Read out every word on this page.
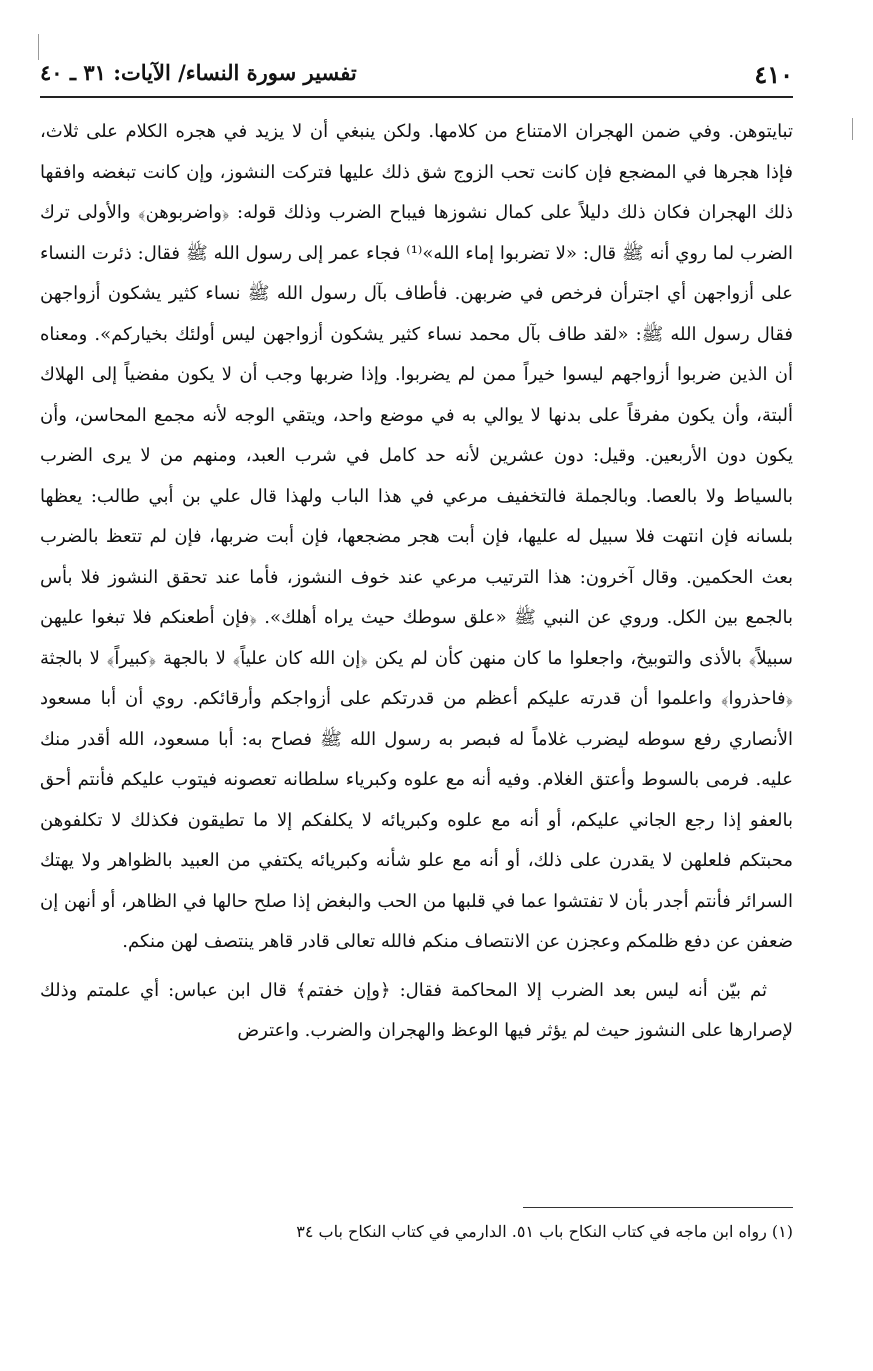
٤١٠
تفسير سورة النساء/ الآيات: ٣١ ـ ٤٠

تبايتوهن. وفي ضمن الهجران الامتناع من كلامها. ولكن ينبغي أن لا يزيد في هجره الكلام على ثلاث، فإذا هجرها في المضجع فإن كانت تحب الزوج شق ذلك عليها فتركت النشوز، وإن كانت تبغضه وافقها ذلك الهجران فكان ذلك دليلاً على كمال نشوزها فيباح الضرب وذلك قوله: ﴿واضربوهن﴾ والأولى ترك الضرب لما روي أنه ﷺ قال: «لا تضربوا إماء الله»⁽¹⁾ فجاء عمر إلى رسول الله ﷺ فقال: ذئرت النساء على أزواجهن أي اجترأن فرخص في ضربهن. فأطاف بآل رسول الله ﷺ نساء كثير يشكون أزواجهن فقال رسول الله ﷺ: «لقد طاف بآل محمد نساء كثير يشكون أزواجهن ليس أولئك بخياركم». ومعناه أن الذين ضربوا أزواجهم ليسوا خيراً ممن لم يضربوا. وإذا ضربها وجب أن لا يكون مفضياً إلى الهلاك ألبتة، وأن يكون مفرقاً على بدنها لا يوالي به في موضع واحد، ويتقي الوجه لأنه مجمع المحاسن، وأن يكون دون الأربعين. وقيل: دون عشرين لأنه حد كامل في شرب العبد، ومنهم من لا يرى الضرب بالسياط ولا بالعصا. وبالجملة فالتخفيف مرعي في هذا الباب ولهذا قال علي بن أبي طالب: يعظها بلسانه فإن انتهت فلا سبيل له عليها، فإن أبت هجر مضجعها، فإن أبت ضربها، فإن لم تتعظ بالضرب بعث الحكمين. وقال آخرون: هذا الترتيب مرعي عند خوف النشوز، فأما عند تحقق النشوز فلا بأس بالجمع بين الكل. وروي عن النبي ﷺ «علق سوطك حيث يراه أهلك». ﴿فإن أطعنكم فلا تبغوا عليهن سبيلاً﴾ بالأذى والتوبيخ، واجعلوا ما كان منهن كأن لم يكن ﴿إن الله كان علياً﴾ لا بالجهة ﴿كبيراً﴾ لا بالجثة ﴿فاحذروا﴾ واعلموا أن قدرته عليكم أعظم من قدرتكم على أزواجكم وأرقائكم. روي أن أبا مسعود الأنصاري رفع سوطه ليضرب غلاماً له فبصر به رسول الله ﷺ فصاح به: أبا مسعود، الله أقدر منك عليه. فرمى بالسوط وأعتق الغلام. وفيه أنه مع علوه وكبرياء سلطانه تعصونه فيتوب عليكم فأنتم أحق بالعفو إذا رجع الجاني عليكم، أو أنه مع علوه وكبريائه لا يكلفكم إلا ما تطيقون فكذلك لا تكلفوهن محبتكم فلعلهن لا يقدرن على ذلك، أو أنه مع علو شأنه وكبريائه يكتفي من العبيد بالظواهر ولا يهتك السرائر فأنتم أجدر بأن لا تفتشوا عما في قلبها من الحب والبغض إذا صلح حالها في الظاهر، أو أنهن إن ضعفن عن دفع ظلمكم وعجزن عن الانتصاف منكم فالله تعالى قادر قاهر ينتصف لهن منكم.

ثم بيّن أنه ليس بعد الضرب إلا المحاكمة فقال: ﴿وإن خفتم﴾ قال ابن عباس: أي علمتم وذلك لإصرارها على النشوز حيث لم يؤثر فيها الوعظ والهجران والضرب. واعترض

(١) رواه ابن ماجه في كتاب النكاح باب ٥١. الدارمي في كتاب النكاح باب ٣٤
